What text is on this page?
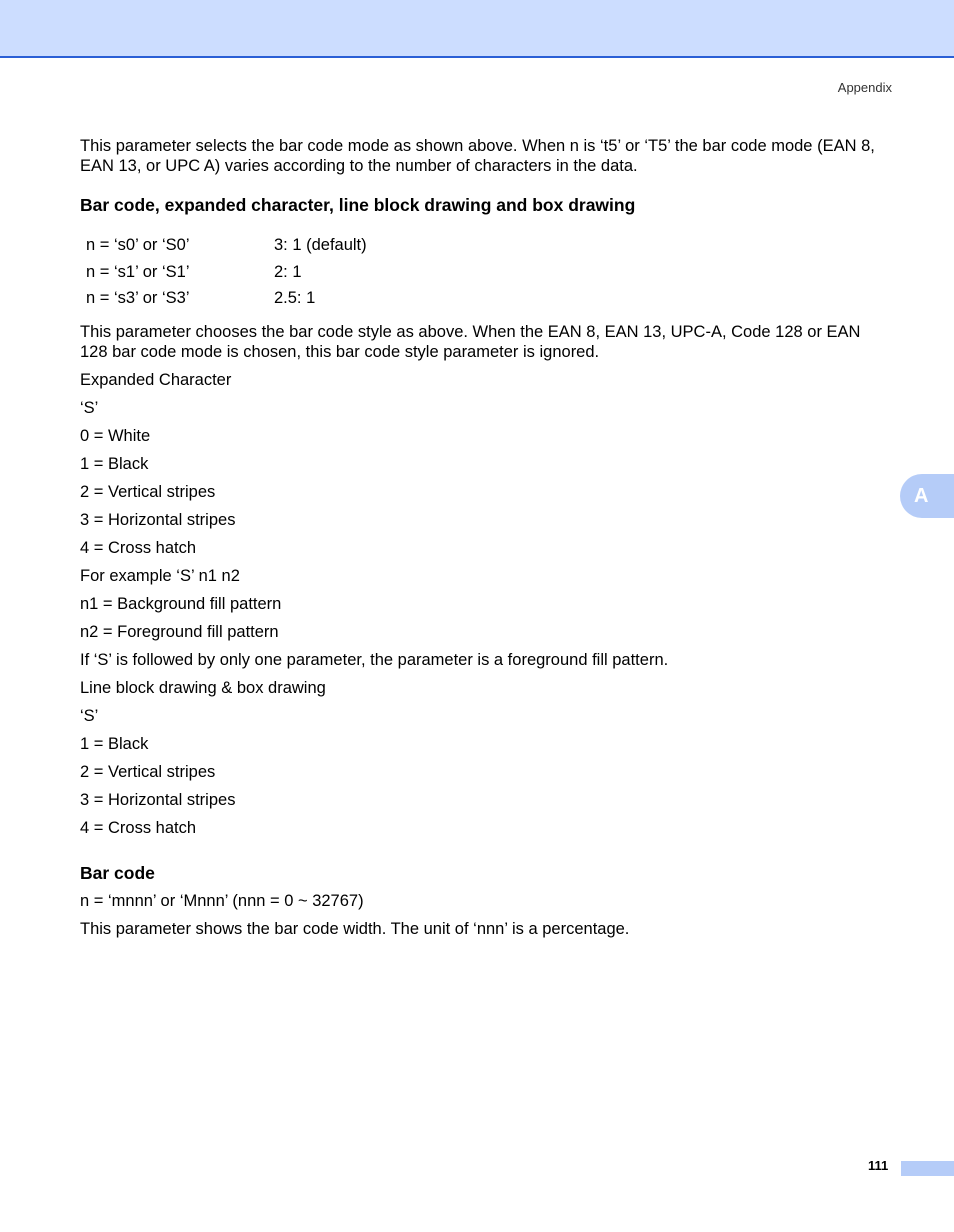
Appendix
A

This parameter selects the bar code mode as shown above. When n is ‘t5’ or ‘T5’ the bar code mode (EAN 8, EAN 13, or UPC A) varies according to the number of characters in the data.

Bar code, expanded character, line block drawing and box drawing

n = ‘s0’ or ‘S0’	3: 1 (default)
n = ‘s1’ or ‘S1’	2: 1
n = ‘s3’ or ‘S3’	2.5: 1

This parameter chooses the bar code style as above. When the EAN 8, EAN 13, UPC-A, Code 128 or EAN 128 bar code mode is chosen, this bar code style parameter is ignored.

Expanded Character
‘S’
0 = White
1 = Black
2 = Vertical stripes
3 = Horizontal stripes
4 = Cross hatch
For example ‘S’ n1 n2
n1 = Background fill pattern
n2 = Foreground fill pattern
If ‘S’ is followed by only one parameter, the parameter is a foreground fill pattern.
Line block drawing & box drawing
‘S’
1 = Black
2 = Vertical stripes
3 = Horizontal stripes
4 = Cross hatch

Bar code

n = ‘mnnn’ or ‘Mnnn’ (nnn = 0 ~ 32767)
This parameter shows the bar code width. The unit of ‘nnn’ is a percentage.
111
